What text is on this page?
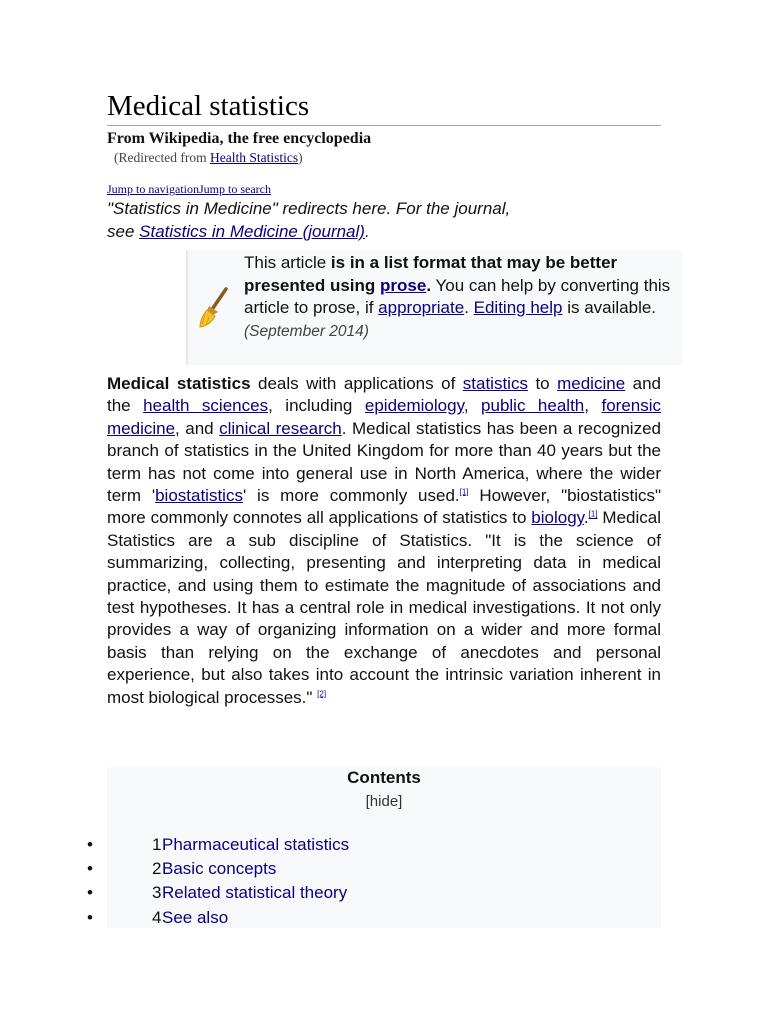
Medical statistics
From Wikipedia, the free encyclopedia
(Redirected from Health Statistics)
Jump to navigationJump to search
"Statistics in Medicine" redirects here. For the journal,
see Statistics in Medicine (journal).
This article is in a list format that may be better presented using prose. You can help by converting this article to prose, if appropriate. Editing help is available. (September 2014)
Medical statistics deals with applications of statistics to medicine and the health sciences, including epidemiology, public health, forensic medicine, and clinical research. Medical statistics has been a recognized branch of statistics in the United Kingdom for more than 40 years but the term has not come into general use in North America, where the wider term 'biostatistics' is more commonly used.[1] However, "biostatistics" more commonly connotes all applications of statistics to biology.[1] Medical Statistics are a sub discipline of Statistics. "It is the science of summarizing, collecting, presenting and interpreting data in medical practice, and using them to estimate the magnitude of associations and test hypotheses. It has a central role in medical investigations. It not only provides a way of organizing information on a wider and more formal basis than relying on the exchange of anecdotes and personal experience, but also takes into account the intrinsic variation inherent in most biological processes." [2]
Contents
[hide]
•	1 Pharmaceutical statistics
•	2 Basic concepts
•	3 Related statistical theory
•	4 See also
